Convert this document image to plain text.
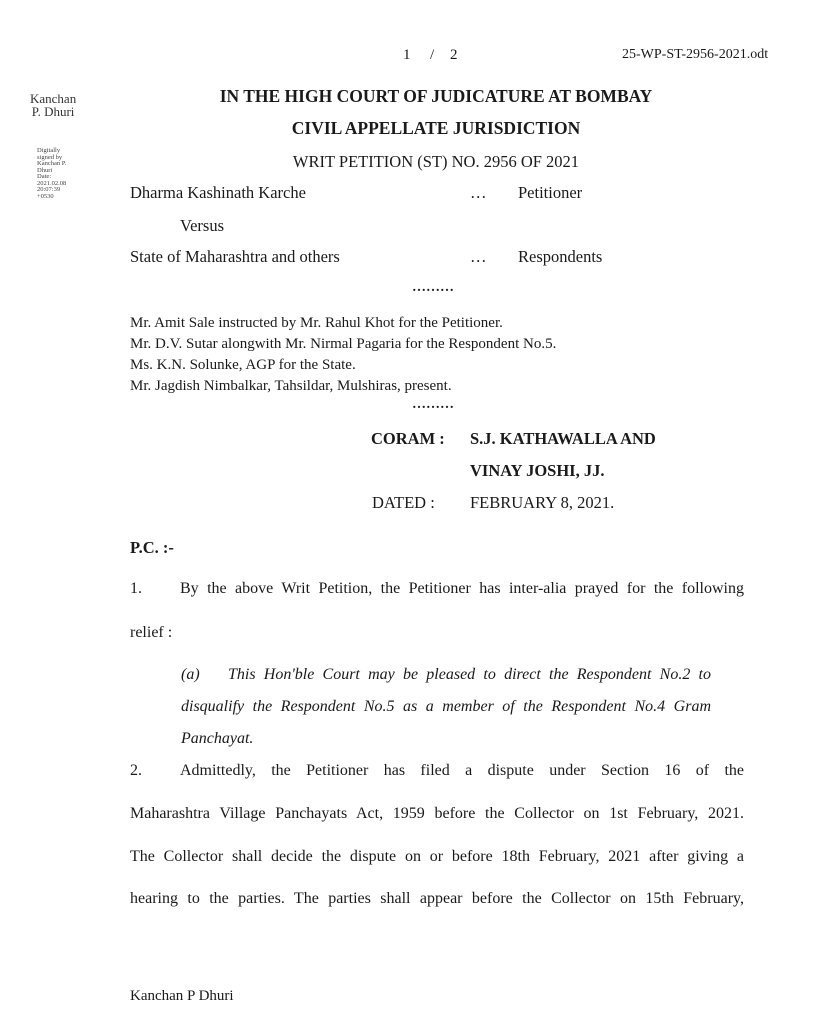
1 / 2	25-WP-ST-2956-2021.odt
Kanchan
P. Dhuri
Digitally
signed by
Kanchan P.
Dhuri
Date:
2021.02.08
20:07:39
+0530
IN THE HIGH COURT OF JUDICATURE AT BOMBAY
CIVIL APPELLATE JURISDICTION
WRIT PETITION (ST) NO. 2956 OF 2021
Dharma Kashinath Karche	… Petitioner
Versus
State of Maharashtra and others	… Respondents
………
Mr. Amit Sale instructed by Mr. Rahul Khot for the Petitioner.
Mr. D.V. Sutar alongwith Mr. Nirmal Pagaria for the Respondent No.5.
Ms. K.N. Solunke, AGP for the State.
Mr. Jagdish Nimbalkar, Tahsildar, Mulshiras, present.
………
CORAM : S.J. KATHAWALLA AND
VINAY JOSHI, JJ.
DATED : FEBRUARY 8, 2021.
P.C. :-
1. By the above Writ Petition, the Petitioner has inter-alia prayed for the following
relief :
(a) This Hon'ble Court may be pleased to direct the Respondent No.2 to
disqualify the Respondent No.5 as a member of the Respondent No.4 Gram
Panchayat.
2. Admittedly, the Petitioner has filed a dispute under Section 16 of the
Maharashtra Village Panchayats Act, 1959 before the Collector on 1st February, 2021.
The Collector shall decide the dispute on or before 18th February, 2021 after giving a
hearing to the parties. The parties shall appear before the Collector on 15th February,
Kanchan P Dhuri
